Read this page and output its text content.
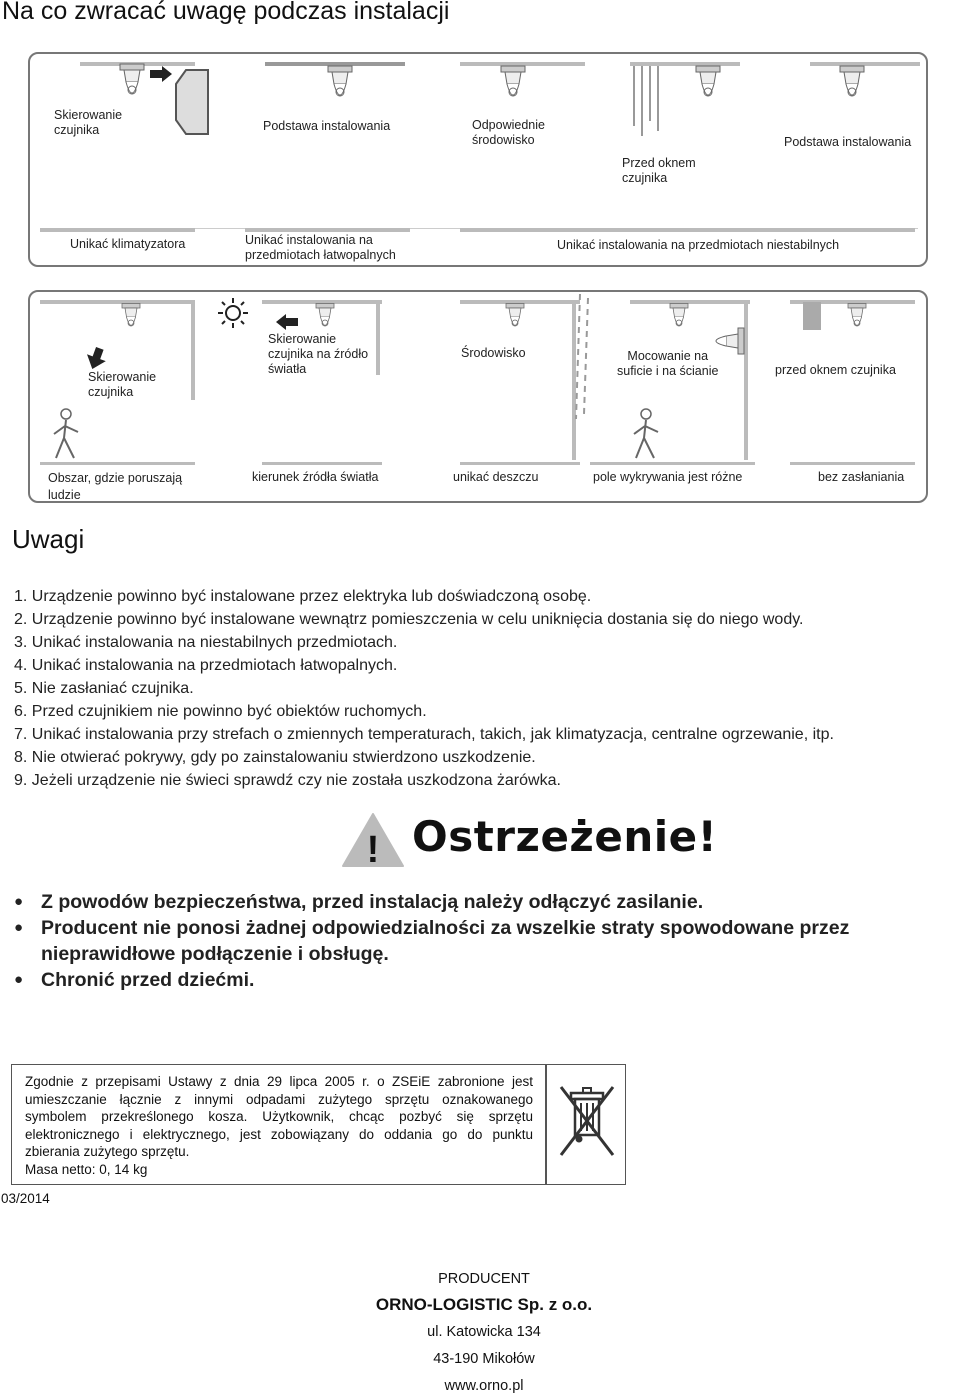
Na co zwracać uwagę podczas instalacji
Skierowanie
czujnika	Podstawa instalowania	Odpowiednie
środowisko
Przed oknem
czujnika
Podstawa instalowania
Unikać klimatyzatora	Unikać instalowania na
przedmiotach łatwopalnych
Unikać instalowania na przedmiotach niestabilnych
Skierowanie
czujnika
Skierowanie
czujnika na źródło
światła
Środowisko	Mocowanie na
suficie i na ścianie	przed oknem czujnika
Obszar, gdzie poruszają
ludzie
kierunek źródła światła	unikać deszczu	pole wykrywania jest różne	bez zasłaniania
Uwagi
1. Urządzenie powinno być instalowane przez elektryka lub doświadczoną osobę.
2. Urządzenie powinno być instalowane wewnątrz pomieszczenia w celu uniknięcia dostania się do niego wody.
3. Unikać instalowania na niestabilnych przedmiotach.
4. Unikać instalowania na przedmiotach łatwopalnych.
5. Nie zasłaniać czujnika.
6. Przed czujnikiem nie powinno być obiektów ruchomych.
7. Unikać instalowania przy strefach o zmiennych temperaturach, takich, jak klimatyzacja, centralne ogrzewanie, itp.
8. Nie otwierać pokrywy, gdy po zainstalowaniu stwierdzono uszkodzenie.
9. Jeżeli urządzenie nie świeci sprawdź czy nie została uszkodzona żarówka.
! Ostrzeżenie!
● Z powodów bezpieczeństwa, przed instalacją należy odłączyć zasilanie.
● Producent nie ponosi żadnej odpowiedzialności za wszelkie straty spowodowane przez nieprawidłowe podłączenie i obsługę.
● Chronić przed dziećmi.

Zgodnie z przepisami Ustawy z dnia 29 lipca 2005 r. o ZSEiE zabronione jest umieszczanie łącznie z innymi odpadami zużytego sprzętu oznakowanego symbolem przekreślonego kosza. Użytkownik, chcąc pozbyć się sprzętu elektronicznego i elektrycznego, jest zobowiązany do oddania go do punktu zbierania zużytego sprzętu.

Masa netto: 0, 14 kg

03/2014
PRODUCENT
ORNO-LOGISTIC Sp. z o.o.
ul. Katowicka 134
43-190 Mikołów
www.orno.pl
